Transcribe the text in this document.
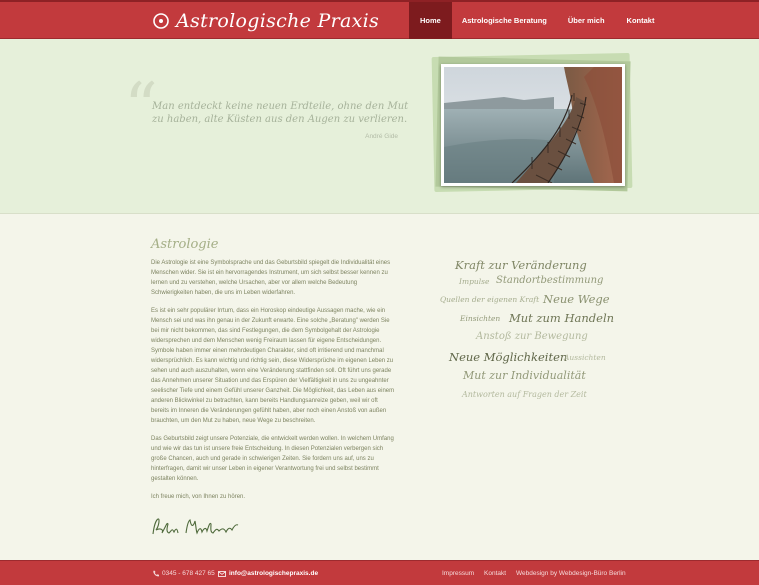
Astrologische Praxis	Home	Astrologische Beratung	Über mich	Kontakt
“
Man entdeckt keine neuen Erdteile, ohne den Mut zu haben, alte Küsten aus den Augen zu verlieren.
André Gide
Astrologie

Die Astrologie ist eine Symbolsprache und das Geburtsbild spiegelt die Individualität eines Menschen wider. Sie ist ein hervorragendes Instrument, um sich selbst besser kennen zu lernen und zu verstehen, welche Ursachen, aber vor allem welche Bedeutung Schwierigkeiten haben, die uns im Leben widerfahren.

Es ist ein sehr populärer Irrtum, dass ein Horoskop eindeutige Aussagen mache, wie ein Mensch sei und was ihn genau in der Zukunft erwarte. Eine solche „Beratung" werden Sie bei mir nicht bekommen, das sind Festlegungen, die dem Symbolgehalt der Astrologie widersprechen und dem Menschen wenig Freiraum lassen für eigene Entscheidungen. Symbole haben immer einen mehrdeutigen Charakter, sind oft irritierend und manchmal widersprüchlich. Es kann wichtig und richtig sein, diese Widersprüche im eigenen Leben zu sehen und auch auszuhalten, wenn eine Veränderung stattfinden soll. Oft führt uns gerade das Annehmen unserer Situation und das Erspüren der Vielfältigkeit in uns zu ungeahnter seelischer Tiefe und einem Gefühl unserer Ganzheit. Die Möglichkeit, das Leben aus einem anderen Blickwinkel zu betrachten, kann bereits Handlungsanreize geben, weil wir oft bereits im Inneren die Veränderungen gefühlt haben, aber noch einen Anstoß von außen brauchten, um den Mut zu haben, neue Wege zu beschreiten.

Das Geburtsbild zeigt unsere Potenziale, die entwickelt werden wollen. In welchem Umfang und wie wir das tun ist unsere freie Entscheidung. In diesen Potenzialen verbergen sich große Chancen, auch und gerade in schwierigen Zeiten. Sie fordern uns auf, uns zu hinterfragen, damit wir unser Leben in eigener Verantwortung frei und selbst bestimmt gestalten können.

Ich freue mich, von Ihnen zu hören.

Kraft zur Veränderung
Impulse Standortbestimmung
Quellen der eigenen Kraft Neue Wege
Einsichten Mut zum Handeln
Anstoß zur Bewegung
Neue Möglichkeiten
Aussichten
Mut zur Individualität
Antworten auf Fragen der Zeit
0345 - 678 427 65 info@astrologischepraxis.de	Impressum Kontakt Webdesign by Webdesign-Büro Berlin
